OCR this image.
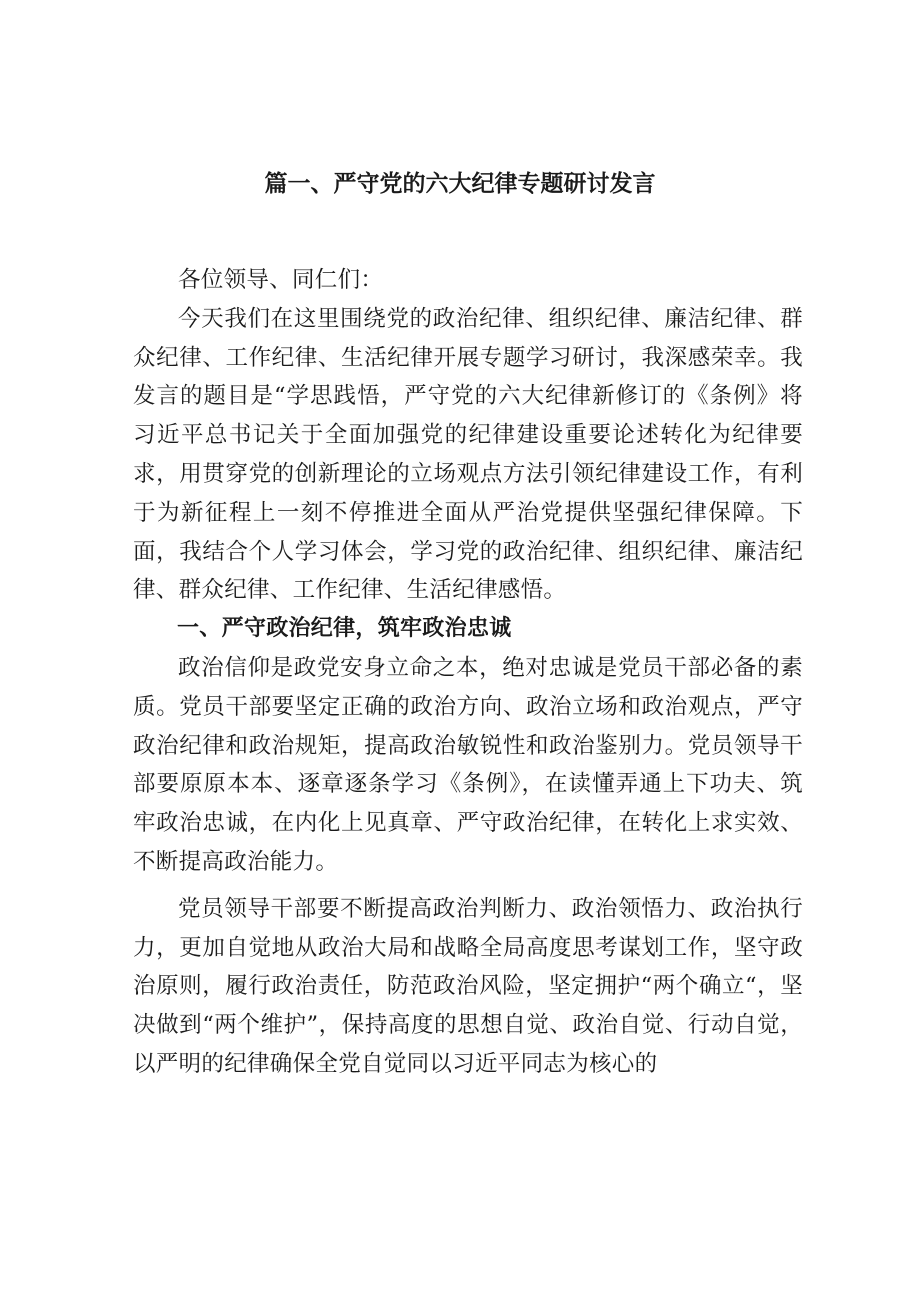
篇一、严守党的六大纪律专题研讨发言

各位领导、同仁们：

今天我们在这里围绕党的政治纪律、组织纪律、廉洁纪律、群众纪律、工作纪律、生活纪律开展专题学习研讨，我深感荣幸。我发言的题目是“学思践悟，严守党的六大纪律新修订的《条例》将习近平总书记关于全面加强党的纪律建设重要论述转化为纪律要求，用贯穿党的创新理论的立场观点方法引领纪律建设工作，有利于为新征程上一刻不停推进全面从严治党提供坚强纪律保障。下面，我结合个人学习体会，学习党的政治纪律、组织纪律、廉洁纪律、群众纪律、工作纪律、生活纪律感悟。

一、严守政治纪律，筑牢政治忠诚

政治信仰是政党安身立命之本，绝对忠诚是党员干部必备的素质。党员干部要坚定正确的政治方向、政治立场和政治观点，严守政治纪律和政治规矩，提高政治敏锐性和政治鉴别力。党员领导干部要原原本本、逐章逐条学习《条例》，在读懂弄通上下功夫、筑牢政治忠诚，在内化上见真章、严守政治纪律，在转化上求实效、不断提高政治能力。

党员领导干部要不断提高政治判断力、政治领悟力、政治执行力，更加自觉地从政治大局和战略全局高度思考谋划工作，坚守政治原则，履行政治责任，防范政治风险，坚定拥护“两个确立“，坚决做到“两个维护”，保持高度的思想自觉、政治自觉、行动自觉，以严明的纪律确保全党自觉同以习近平同志为核心的
